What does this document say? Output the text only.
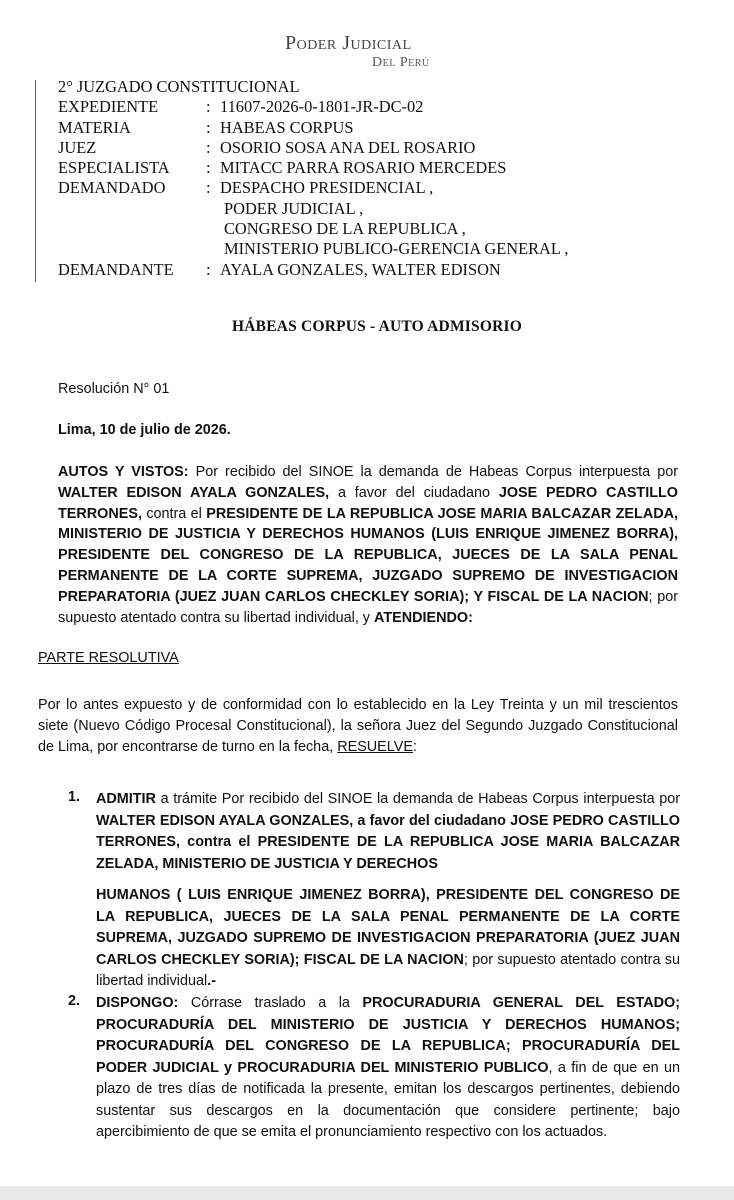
Poder Judicial
Del Perú
2° JUZGADO CONSTITUCIONAL
EXPEDIENTE	: 11607-2026-0-1801-JR-DC-02
MATERIA	: HABEAS CORPUS
JUEZ	: OSORIO SOSA ANA DEL ROSARIO
ESPECIALISTA	: MITACC PARRA ROSARIO MERCEDES
DEMANDADO	: DESPACHO PRESIDENCIAL ,
PODER JUDICIAL ,
CONGRESO DE LA REPUBLICA ,
MINISTERIO PUBLICO-GERENCIA GENERAL ,
DEMANDANTE	: AYALA GONZALES, WALTER EDISON
HÁBEAS CORPUS - AUTO ADMISORIO
Resolución N° 01
Lima, 10 de julio de 2026.
AUTOS Y VISTOS: Por recibido del SINOE la demanda de Habeas Corpus interpuesta por WALTER EDISON AYALA GONZALES, a favor del ciudadano JOSE PEDRO CASTILLO TERRONES, contra el PRESIDENTE DE LA REPUBLICA JOSE MARIA BALCAZAR ZELADA, MINISTERIO DE JUSTICIA Y DERECHOS HUMANOS (LUIS ENRIQUE JIMENEZ BORRA), PRESIDENTE DEL CONGRESO DE LA REPUBLICA, JUECES DE LA SALA PENAL PERMANENTE DE LA CORTE SUPREMA, JUZGADO SUPREMO DE INVESTIGACION PREPARATORIA (JUEZ JUAN CARLOS CHECKLEY SORIA); Y FISCAL DE LA NACION; por supuesto atentado contra su libertad individual, y ATENDIENDO:
PARTE RESOLUTIVA
Por lo antes expuesto y de conformidad con lo establecido en la Ley Treinta y un mil trescientos siete (Nuevo Código Procesal Constitucional), la señora Juez del Segundo Juzgado Constitucional de Lima, por encontrarse de turno en la fecha, RESUELVE:
1. ADMITIR a trámite Por recibido del SINOE la demanda de Habeas Corpus interpuesta por WALTER EDISON AYALA GONZALES, a favor del ciudadano JOSE PEDRO CASTILLO TERRONES, contra el PRESIDENTE DE LA REPUBLICA JOSE MARIA BALCAZAR ZELADA, MINISTERIO DE JUSTICIA Y DERECHOS
HUMANOS ( LUIS ENRIQUE JIMENEZ BORRA), PRESIDENTE DEL CONGRESO DE LA REPUBLICA, JUECES DE LA SALA PENAL PERMANENTE DE LA CORTE SUPREMA, JUZGADO SUPREMO DE INVESTIGACION PREPARATORIA (JUEZ JUAN CARLOS CHECKLEY SORIA); FISCAL DE LA NACION; por supuesto atentado contra su libertad individual.-
2. DISPONGO: Córrase traslado a la PROCURADURIA GENERAL DEL ESTADO; PROCURADURÍA DEL MINISTERIO DE JUSTICIA Y DERECHOS HUMANOS; PROCURADURÍA DEL CONGRESO DE LA REPUBLICA; PROCURADURÍA DEL PODER JUDICIAL y PROCURADURIA DEL MINISTERIO PUBLICO, a fin de que en un plazo de tres días de notificada la presente, emitan los descargos pertinentes, debiendo sustentar sus descargos en la documentación que considere pertinente; bajo apercibimiento de que se emita el pronunciamiento respectivo con los actuados.
